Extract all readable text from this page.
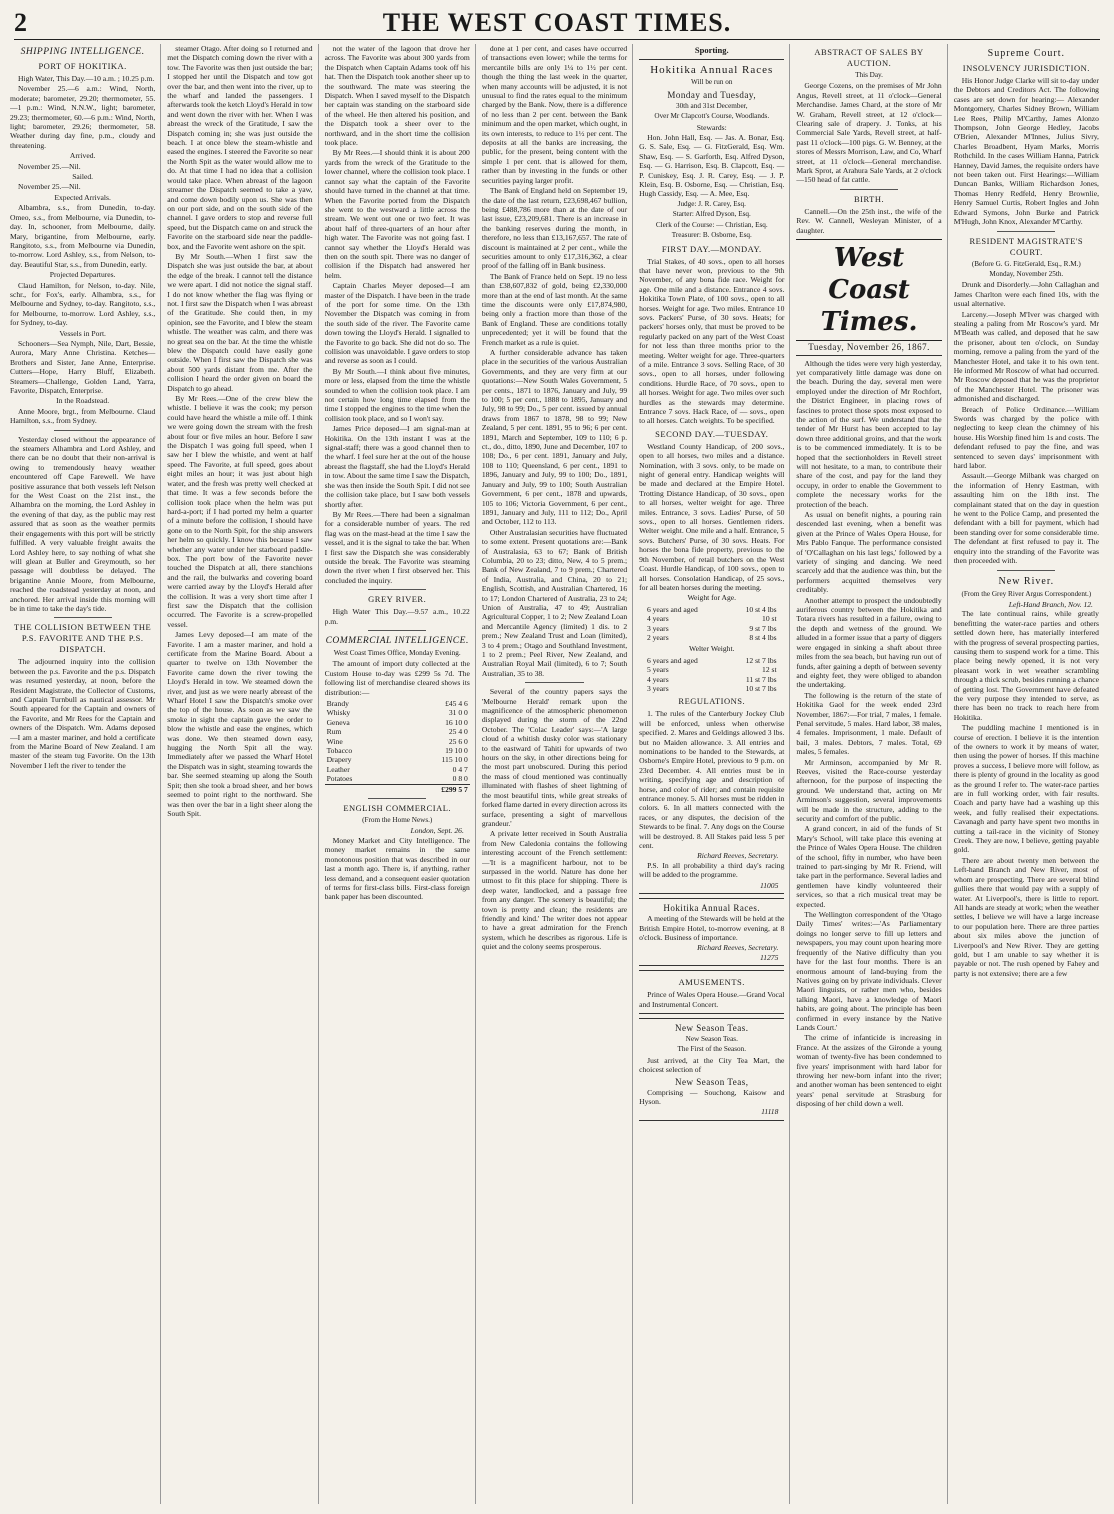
2	THE WEST COAST TIMES.
SHIPPING INTELLIGENCE.
PORT OF HOKITIKA.
High Water, This Day.—10 a.m. ; 10.25 p.m.
November 25.—6 a.m.: Wind, North, moderate; barometer, 29.20; thermometer, 55.—1 p.m.: Wind, N.N.W., light; barometer, 29.23; thermometer, 60.—6 p.m.: Wind, North, light; barometer, 29.26; thermometer, 58. Weather during day fine, p.m., cloudy and threatening.
Arrived.
November 25.—Nil.
Sailed.
November 25.—Nil.
Expected Arrivals.
Albambra, s.s., from Dunedin, to-day. Omeo, s.s., from Melbourne, via Dunedin, to-day. In, schooner, from Melbourne, daily. Mary, brigantine, from Melbourne, early. Rangitoto, s.s., from Melbourne via Dunedin, to-morrow. Lord Ashley, s.s., from Nelson, to-day. Beautiful Star, s.s., from Dunedin, early.
Projected Departures.
Claud Hamilton, for Nelson, to-day. Nile, schr., for Fox's, early. Alhambra, s.s., for Melbourne and Sydney, to-day. Rangitoto, s.s., for Melbourne, to-morrow. Lord Ashley, s.s., for Sydney, to-day.
Vessels in Port.
Schooners—Sea Nymph, Nile, Dart, Bessie, Aurora, Mary Anne Christina. Ketches—Brothers and Sister, Jane Anne, Enterprise. Cutters—Hope, Harry Bluff, Elizabeth. Steamers—Challenge, Golden Land, Yarra, Favorite, Dispatch, Enterprise.
In the Roadstead.
Anne Moore, brgt., from Melbourne. Claud Hamilton, s.s., from Sydney.
Yesterday closed without the appearance of the steamers Alhambra and Lord Ashley, and there can be no doubt that their non-arrival is owing to tremendously heavy weather encountered off Cape Farewell. We have positive assurance that both vessels left Nelson for the West Coast on the 21st inst., the Alhambra on the morning, the Lord Ashley in the evening of that day, as the public may rest assured that as soon as the weather permits their engagements with this port will be strictly fulfilled. A very valuable freight awaits the Lord Ashley here, to say nothing of what she will glean at Buller and Greymouth, so her passage will doubtless be delayed. The brigantine Annie Moore, from Melbourne, reached the roadstead yesterday at noon, and anchored. Her arrival inside this morning will be in time to take the day's tide.
THE COLLISION BETWEEN THE P.S. FAVORITE AND THE P.S. DISPATCH.
The adjourned inquiry into the collision between the p.s. Favorite and the p.s. Dispatch was resumed yesterday, at noon, before the Resident Magistrate, the Collector of Customs, and Captain Turnbull as nautical assessor. Mr South appeared for the Captain and owners of the Favorite, and Mr Rees for the Captain and owners of the Dispatch. Wm. Adams deposed—I am a master mariner, and hold a certificate from the Marine Board of New Zealand. I am master of the steam tug Favorite. On the 13th November I left the river to tender the
steamer Otago. After doing so I returned and met the Dispatch coming down the river with a tow. The Favorite was then just outside the bar; I stopped her until the Dispatch and tow got over the bar, and then went into the river, up to the wharf and landed the passengers. I afterwards took the ketch Lloyd's Herald in tow and went down the river with her. When I was abreast the wreck of the Gratitude, I saw the Dispatch coming in; she was just outside the beach. I at once blew the steam-whistle and eased the engines. I steered the Favorite so near the North Spit as the water would allow me to do. At that time I had no idea that a collision would take place. When abreast of the lagoon streamer the Dispatch seemed to take a yaw, and come down bodily upon us. She was then on our port side, and on the south side of the channel. I gave orders to stop and reverse full speed, but the Dispatch came on and struck the Favorite on the starboard side near the paddle-box, and the Favorite went ashore on the spit.
By Mr South.—When I first saw the Dispatch she was just outside the bar, at about the edge of the break. I cannot tell the distance we were apart. I did not notice the signal staff. I do not know whether the flag was flying or not. I first saw the Dispatch when I was abreast of the Gratitude. She could then, in my opinion, see the Favorite, and I blew the steam whistle. The weather was calm, and there was no great sea on the bar. At the time the whistle blew the Dispatch could have easily gone outside. When I first saw the Dispatch she was about 500 yards distant from me. After the collision I heard the order given on board the Dispatch to go ahead.
By Mr Rees.—One of the crew blew the whistle. I believe it was the cook; my person could have heard the whistle a mile off. I think we were going down the stream with the fresh about four or five miles an hour. Before I saw the Dispatch I was going full speed, when I saw her I blew the whistle, and went at half speed. The Favorite, at full speed, goes about eight miles an hour; it was just about high water, and the fresh was pretty well checked at that time. It was a few seconds before the collision took place when the helm was put hard-a-port; if I had ported my helm a quarter of a minute before the collision, I should have gone on to the North Spit, for the ship answers her helm so quickly. I know this because I saw whether any water under her starboard paddle-box. The port bow of the Favorite never touched the Dispatch at all, there stanchions and the rail, the bulwarks and covering board were carried away by the Lloyd's Herald after the collision. It was a very short time after I first saw the Dispatch that the collision occurred. The Favorite is a screw-propelled vessel.
James Levy deposed—I am mate of the Favorite. I am a master mariner, and hold a certificate from the Marine Board. About a quarter to twelve on 13th November the Favorite came down the river towing the Lloyd's Herald in tow. We steamed down the river, and just as we were nearly abreast of the Wharf Hotel I saw the Dispatch's smoke over the top of the house. As soon as we saw the smoke in sight the captain gave the order to blow the whistle and ease the engines, which was done. We then steamed down easy, hugging the North Spit all the way. Immediately after we passed the Wharf Hotel the Dispatch was in sight, steaming towards the bar. She seemed steaming up along the South Spit; then she took a broad sheer, and her bows seemed to point right to the northward. She was then over the bar in a light sheer along the South Spit.
not the water of the lagoon that drove her across. The Favorite was about 300 yards from the Dispatch when Captain Adams took off his hat. Then the Dispatch took another sheer up to the southward. The mate was steering the Dispatch. When I saved myself to the Dispatch her captain was standing on the starboard side of the wheel. He then altered his position, and the Dispatch took a sheer over to the northward, and in the short time the collision took place.
By Mr Rees.—I should think it is about 200 yards from the wreck of the Gratitude to the lower channel, where the collision took place. I cannot say what the captain of the Favorite should have turned in the channel at that time. When the Favorite ported from the Dispatch she went to the westward a little across the stream. We went out one or two feet. It was about half of three-quarters of an hour after high water. The Favorite was not going fast. I cannot say whether the Lloyd's Herald was then on the south spit. There was no danger of collision if the Dispatch had answered her helm.
Captain Charles Meyer deposed—I am master of the Dispatch. I have been in the trade of the port for some time. On the 13th November the Dispatch was coming in from the south side of the river. The Favorite came down towing the Lloyd's Herald. I signalled to the Favorite to go back. She did not do so. The collision was unavoidable. I gave orders to stop and reverse as soon as I could.
By Mr South.—I think about five minutes, more or less, elapsed from the time the whistle sounded to when the collision took place. I am not certain how long time elapsed from the time I stopped the engines to the time when the collision took place, and so I won't say.
James Price deposed—I am signal-man at Hokitika. On the 13th instant I was at the signal-staff; there was a good channel then to the wharf. I feel sure her at the out of the house abreast the flagstaff, she had the Lloyd's Herald in tow. About the same time I saw the Dispatch, she was then inside the South Spit. I did not see the collision take place, but I saw both vessels shortly after.
By Mr Rees.—There had been a signalman for a considerable number of years. The red flag was on the mast-head at the time I saw the vessel, and it is the signal to take the bar. When I first saw the Dispatch she was considerably outside the break. The Favorite was steaming down the river when I first observed her. This concluded the inquiry.
GREY RIVER.
High Water This Day.—9.57 a.m., 10.22 p.m.
COMMERCIAL INTELLIGENCE.
West Coast Times Office, Monday Evening.
The amount of import duty collected at the Custom House to-day was £299 5s 7d. The following list of merchandise cleared shows its distribution:—
Brandy	£45 4 6
Whisky	31 0 0
Geneva	16 10 0
Rum	25 4 0
Wine	25 6 0
Tobacco	19 10 0
Drapery	115 10 0
Leather	0 4 7
Potatoes	0 8 0
	£299 5 7
ENGLISH COMMERCIAL.
(From the Home News.)
London, Sept. 26.
Money Market and City Intelligence. The money market remains in the same monotonous position that was described in our last a month ago. There is, if anything, rather less demand, and a consequent easier quotation of terms for first-class bills. First-class foreign bank paper has been discounted.
done at 1 per cent, and cases have occurred of transactions even lower; while the terms for mercantile bills are only 1¼ to 1½ per cent. though the thing the last week in the quarter, when many accounts will be adjusted, it is not unusual to find the rates equal to the minimum charged by the Bank. Now, there is a difference of no less than 2 per cent. between the Bank minimum and the open market, which ought, in its own interests, to reduce to 1½ per cent. The deposits at all the banks are increasing, the public, for the present, being content with the simple 1 per cent. that is allowed for them, rather than by investing in the funds or other securities paying larger profit.
The Bank of England held on September 19, the date of the last return, £23,698,467 bullion, being £488,786 more than at the date of our last issue, £23,209,681. There is an increase in the banking reserves during the month, in therefore, no less than £13,167,657. The rate of discount is maintained at 2 per cent., while the securities amount to only £17,316,362, a clear proof of the falling off in Bank business.
The Bank of France held on Sept. 19 no less than £38,607,832 of gold, being £2,330,000 more than at the end of last month. At the same time the discounts were only £17,874,980, being only a fraction more than those of the Bank of England. These are conditions totally unprecedented; yet it will be found that the French market as a rule is quiet.
A further considerable advance has taken place in the securities of the various Australian Governments, and they are very firm at our quotations:—New South Wales Government, 5 per cents., 1871 to 1876, January and July, 99 to 100; 5 per cent., 1888 to 1895, January and July, 98 to 99; Do., 5 per cent. issued by annual draws from 1867 to 1878, 98 to 99; New Zealand, 5 per cent. 1891, 95 to 96; 6 per cent. 1891, March and September, 109 to 110; 6 p. ct., do., ditto, 1890, June and December, 107 to 108; Do., 6 per cent. 1891, January and July, 108 to 110; Queensland, 6 per cent., 1891 to 1896, January and July, 99 to 100; Do., 1891, January and July, 99 to 100; South Australian Government, 6 per cent., 1878 and upwards, 105 to 106; Victoria Government, 6 per cent., 1891, January and July, 111 to 112; Do., April and October, 112 to 113.
Other Australasian securities have fluctuated to some extent. Present quotations are:—Bank of Australasia, 63 to 67; Bank of British Columbia, 20 to 23; ditto, New, 4 to 5 prem.; Bank of New Zealand, 7 to 9 prem.; Chartered of India, Australia, and China, 20 to 21; English, Scottish, and Australian Chartered, 16 to 17; London Chartered of Australia, 23 to 24; Union of Australia, 47 to 49; Australian Agricultural Copper, 1 to 2; New Zealand Loan and Mercantile Agency (limited) 1 dis. to 2 prem.; New Zealand Trust and Loan (limited), 3 to 4 prem.; Otago and Southland Investment, 1 to 2 prem.; Peel River, New Zealand, and Australian Royal Mail (limited), 6 to 7; South Australian, 35 to 38.
Several of the country papers says the 'Melbourne Herald' remark upon the magnificence of the atmospheric phenomenon displayed during the storm of the 22nd October. The 'Colac Leader' says:—'A large cloud of a whitish dusky color was stationary to the eastward of Tahiti for upwards of two hours on the sky, in other directions being for the most part unobscured. During this period the mass of cloud mentioned was continually illuminated with flashes of sheet lightning of the most beautiful tints, while great streaks of forked flame darted in every direction across its surface, presenting a sight of marvellous grandeur.'
A private letter received in South Australia from New Caledonia contains the following interesting account of the French settlement:—'It is a magnificent harbour, not to be surpassed in the world. Nature has done her utmost to fit this place for shipping. There is deep water, landlocked, and a passage free from any danger. The scenery is beautiful; the town is pretty and clean; the residents are friendly and kind.' The writer does not appear to have a great admiration for the French system, which he describes as rigorous. Life is quiet and the colony seems prosperous.
Sporting.
Hokitika Annual Races
Will be run on
Monday and Tuesday,
30th and 31st December,
Over Mr Clapcott's Course, Woodlands.
Stewards:
Hon. John Hall, Esq. — Jas. A. Bonar, Esq. G. S. Sale, Esq. — G. FitzGerald, Esq. Wm. Shaw, Esq. — S. Garforth, Esq. Alfred Dyson, Esq. — G. Harrison, Esq. B. Clapcott, Esq. — P. Cuniskey, Esq. J. R. Carey, Esq. — J. P. Klein, Esq. B. Osborne, Esq. — Christian, Esq. Hugh Cassidy, Esq. — A. Mee, Esq.
Judge: J. R. Carey, Esq.
Starter: Alfred Dyson, Esq.
Clerk of the Course: — Christian, Esq.
Treasurer: B. Osborne, Esq.
FIRST DAY.—MONDAY.
Trial Stakes, of 40 sovs., open to all horses that have never won, previous to the 9th November, of any bona fide race. Weight for age. One mile and a distance. Entrance 4 sovs. Hokitika Town Plate, of 100 sovs., open to all horses. Weight for age. Two miles. Entrance 10 sovs. Packers' Purse, of 30 sovs. Heats; for packers' horses only, that must be proved to be regularly packed on any part of the West Coast for not less than three months prior to the meeting. Welter weight for age. Three-quarters of a mile. Entrance 3 sovs. Selling Race, of 30 sovs., open to all horses, under following conditions. Hurdle Race, of 70 sovs., open to all horses. Weight for age. Two miles over such hurdles as the stewards may determine. Entrance 7 sovs. Hack Race, of — sovs., open to all horses. Catch weights. To be specified.
SECOND DAY.—TUESDAY.
Westland County Handicap, of 200 sovs., open to all horses, two miles and a distance. Nomination, with 3 sovs. only, to be made on night of general entry. Handicap weights will be made and declared at the Empire Hotel. Trotting Distance Handicap, of 30 sovs., open to all horses, welter weight for age. Three miles. Entrance, 3 sovs. Ladies' Purse, of 50 sovs., open to all horses. Gentlemen riders. Welter weight. One mile and a half. Entrance, 5 sovs. Butchers' Purse, of 30 sovs. Heats. For horses the bona fide property, previous to the 9th November, of retail butchers on the West Coast. Hurdle Handicap, of 100 sovs., open to all horses. Consolation Handicap, of 25 sovs., for all beaten horses during the meeting.
Weight for Age.
6 years and aged	10 st 4 lbs
4 years	10 st
3 years	9 st 7 lbs
2 years	8 st 4 lbs
Welter Weight.
6 years and aged	12 st 7 lbs
5 years	12 st
4 years	11 st 7 lbs
3 years	10 st 7 lbs
REGULATIONS.
1. The rules of the Canterbury Jockey Club will be enforced, unless when otherwise specified. 2. Mares and Geldings allowed 3 lbs. but no Maiden allowance. 3. All entries and nominations to be handed to the Stewards, at Osborne's Empire Hotel, previous to 9 p.m. on 23rd December. 4. All entries must be in writing, specifying age and description of horse, and color of rider; and contain requisite entrance money. 5. All horses must be ridden in colors. 6. In all matters connected with the races, or any disputes, the decision of the Stewards to be final. 7. Any dogs on the Course will be destroyed. 8. All Stakes paid less 5 per cent.
Richard Reeves, Secretary.
P.S. In all probability a third day's racing will be added to the programme.
11005
Hokitika Annual Races.
A meeting of the Stewards will be held at the British Empire Hotel, to-morrow evening, at 8 o'clock. Business of importance.
Richard Reeves, Secretary.
11275
AMUSEMENTS.
Prince of Wales Opera House.—Grand Vocal and Instrumental Concert.
New Season Teas.
New Season Teas.
The First of the Season.
Just arrived, at the City Tea Mart, the choicest selection of
New Season Teas,
Comprising — Souchong, Kaisow and Hyson.
11118
ABSTRACT OF SALES BY AUCTION.
This Day.
George Cozens, on the premises of Mr John Angus, Revell street, at 11 o'clock—General Merchandise. James Chard, at the store of Mr W. Graham, Revell street, at 12 o'clock—Clearing sale of drapery. J. Tonks, at his Commercial Sale Yards, Revell street, at half-past 11 o'clock—100 pigs. G. W. Benney, at the stores of Messrs Morrison, Law, and Co, Wharf street, at 11 o'clock—General merchandise. Mark Sprot, at Arahura Sale Yards, at 2 o'clock—150 head of fat cattle.
BIRTH.
Cannell.—On the 25th inst., the wife of the Rev. W. Cannell, Wesleyan Minister, of a daughter.
West Coast Times.
Tuesday, November 26, 1867.
Although the tides were very high yesterday, yet comparatively little damage was done on the beach. During the day, several men were employed under the direction of Mr Rochfort, the District Engineer, in placing rows of fascines to protect those spots most exposed to the action of the surf. We understand that the tender of Mr Hurst has been accepted to lay down three additional groins, and that the work is to be commenced immediately. It is to be hoped that the sectionholders in Revell street will not hesitate, to a man, to contribute their share of the cost, and pay for the land they occupy, in order to enable the Government to complete the necessary works for the protection of the beach.
As usual on benefit nights, a pouring rain descended last evening, when a benefit was given at the Prince of Wales Opera House, for Mrs Pablo Fanque. The performance consisted of 'O'Callaghan on his last legs,' followed by a variety of singing and dancing. We need scarcely add that the audience was thin, but the performers acquitted themselves very creditably.
Another attempt to prospect the undoubtedly auriferous country between the Hokitika and Totara rivers has resulted in a failure, owing to the depth and wetness of the ground. We alluded in a former issue that a party of diggers were engaged in sinking a shaft about three miles from the sea beach, but having run out of funds, after gaining a depth of between seventy and eighty feet, they were obliged to abandon the undertaking.
The following is the return of the state of Hokitika Gaol for the week ended 23rd November, 1867:—For trial, 7 males, 1 female. Penal servitude, 5 males. Hard labor, 38 males, 4 females. Imprisonment, 1 male. Default of bail, 3 males. Debtors, 7 males. Total, 69 males, 5 females.
Mr Arminson, accompanied by Mr R. Reeves, visited the Race-course yesterday afternoon, for the purpose of inspecting the ground. We understand that, acting on Mr Arminson's suggestion, several improvements will be made in the structure, adding to the security and comfort of the public.
A grand concert, in aid of the funds of St Mary's School, will take place this evening at the Prince of Wales Opera House. The children of the school, fifty in number, who have been trained to part-singing by Mr R. Friend, will take part in the performance. Several ladies and gentlemen have kindly volunteered their services, so that a rich musical treat may be expected.
The Wellington correspondent of the 'Otago Daily Times' writes:—'As Parliamentary doings no longer serve to fill up letters and newspapers, you may count upon hearing more frequently of the Native difficulty than you have for the last four months. There is an enormous amount of land-buying from the Natives going on by private individuals. Clever Maori linguists, or rather men who, besides talking Maori, have a knowledge of Maori habits, are going about. The principle has been confirmed in every instance by the Native Lands Court.'
The crime of infanticide is increasing in France. At the assizes of the Gironde a young woman of twenty-five has been condemned to five years' imprisonment with hard labor for throwing her new-born infant into the river; and another woman has been sentenced to eight years' penal servitude at Strasburg for disposing of her child down a well.
Supreme Court.
INSOLVENCY JURISDICTION.
His Honor Judge Clarke will sit to-day under the Debtors and Creditors Act. The following cases are set down for hearing:— Alexander Montgomery, Charles Sidney Brown, William Lee Rees, Philip M'Carthy, James Alonzo Thompson, John George Hedley, Jacobs O'Brien, Alexander M'Innes, Julius Sivry, Charles Broadbent, Hyam Marks, Morris Rothchild. In the cases William Hanna, Patrick Hanney, David James, the requisite orders have not been taken out. First Hearings:—William Duncan Banks, William Richardson Jones, Thomas Henry Redfeld, Henry Brownlie, Henry Samuel Curtis, Robert Ingles and John Edward Symons, John Burke and Patrick M'Hugh, John Knox, Alexander M'Carthy.
RESIDENT MAGISTRATE'S COURT.
(Before G. G. FitzGerald, Esq., R.M.)
Monday, November 25th.
Drunk and Disorderly.—John Callaghan and James Charlton were each fined 10s, with the usual alternative.
Larceny.—Joseph M'Iver was charged with stealing a paling from Mr Roscow's yard. Mr M'Beath was called, and deposed that he saw the prisoner, about ten o'clock, on Sunday morning, remove a paling from the yard of the Manchester Hotel, and take it to his own tent. He informed Mr Roscow of what had occurred. Mr Roscow deposed that he was the proprietor of the Manchester Hotel. The prisoner was admonished and discharged.
Breach of Police Ordinance.—William Swords was charged by the police with neglecting to keep clean the chimney of his house. His Worship fined him 1s and costs. The defendant refused to pay the fine, and was sentenced to seven days' imprisonment with hard labor.
Assault.—George Milbank was charged on the information of Henry Eastman, with assaulting him on the 18th inst. The complainant stated that on the day in question he went to the Police Camp, and presented the defendant with a bill for payment, which had been standing over for some considerable time. The defendant at first refused to pay it. The enquiry into the stranding of the Favorite was then proceeded with.
New River.
(From the Grey River Argus Correspondent.)
Left-Hand Branch, Nov. 12.
The late continual rains, while greatly benefitting the water-race parties and others settled down here, has materially interfered with the progress of several prospecting parties, causing them to suspend work for a time. This place being newly opened, it is not very pleasant work in wet weather scrambling through a thick scrub, besides running a chance of getting lost. The Government have defeated the very purpose they intended to serve, as there has been no track to reach here from Hokitika.
The puddling machine I mentioned is in course of erection. I believe it is the intention of the owners to work it by means of water, then using the power of horses. If this machine proves a success, I believe more will follow, as there is plenty of ground in the locality as good as the ground I refer to. The water-race parties are in full working order, with fair results. Coach and party have had a washing up this week, and fully realised their expectations. Cavanagh and party have spent two months in cutting a tail-race in the vicinity of Stoney Creek. They are now, I believe, getting payable gold.
There are about twenty men between the Left-hand Branch and New River, most of whom are prospecting. There are several blind gullies there that would pay with a supply of water. At Liverpool's, there is little to report. All hands are steady at work; when the weather settles, I believe we will have a large increase to our population here. There are three parties about six miles above the junction of Liverpool's and New River. They are getting gold, but I am unable to say whether it is payable or not. The rush opened by Fahey and party is not extensive; there are a few
